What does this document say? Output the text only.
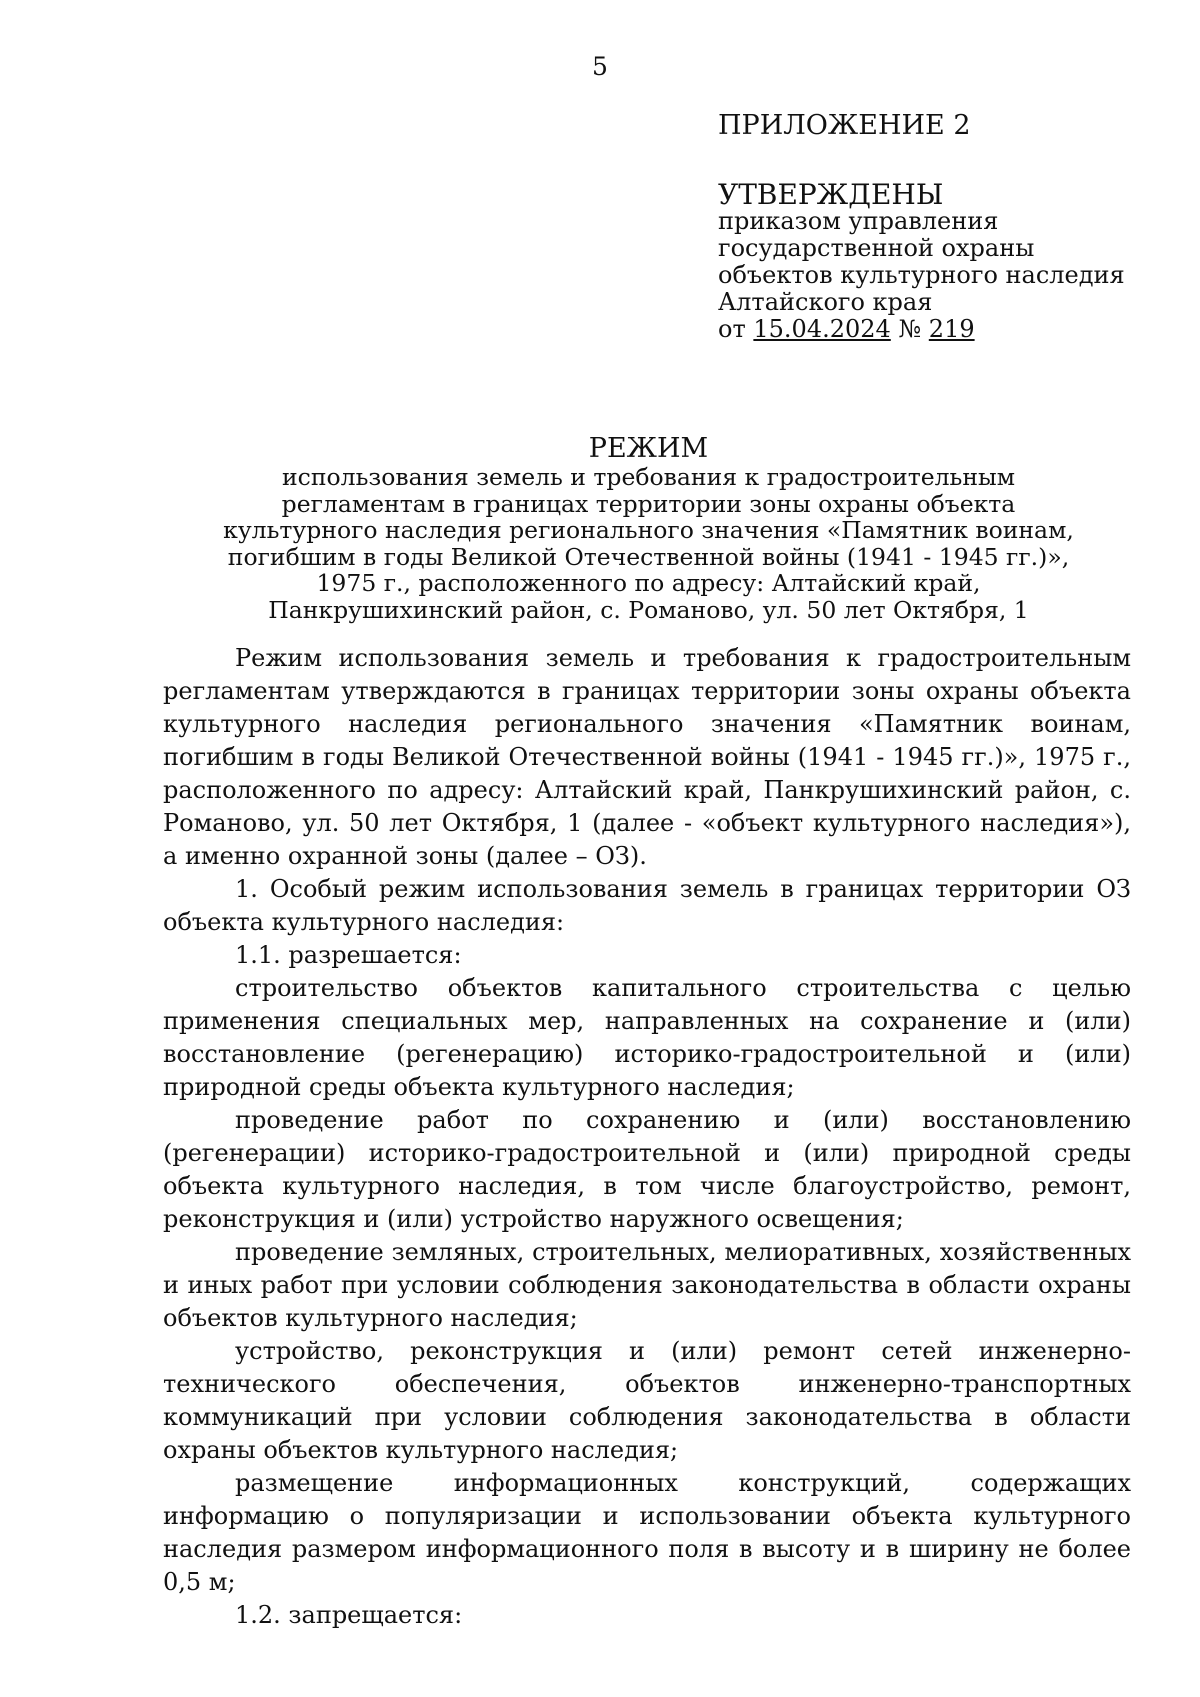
5
ПРИЛОЖЕНИЕ 2
УТВЕРЖДЕНЫ
приказом управления
государственной охраны
объектов культурного наследия
Алтайского края
от 15.04.2024 № 219
РЕЖИМ
использования земель и требования к градостроительным
регламентам в границах территории зоны охраны объекта
культурного наследия регионального значения «Памятник воинам,
погибшим в годы Великой Отечественной войны (1941 - 1945 гг.)»,
1975 г., расположенного по адресу: Алтайский край,
Панкрушихинский район, с. Романово, ул. 50 лет Октября, 1

Режим использования земель и требования к градостроительным регламентам утверждаются в границах территории зоны охраны объекта культурного наследия регионального значения «Памятник воинам, погибшим в годы Великой Отечественной войны (1941 - 1945 гг.)», 1975 г., расположенного по адресу: Алтайский край, Панкрушихинский район, с. Романово, ул. 50 лет Октября, 1 (далее - «объект культурного наследия»), а именно охранной зоны (далее – ОЗ).

1. Особый режим использования земель в границах территории ОЗ объекта культурного наследия:

1.1. разрешается:

строительство объектов капитального строительства с целью применения специальных мер, направленных на сохранение и (или) восстановление (регенерацию) историко-градостроительной и (или) природной среды объекта культурного наследия;

проведение работ по сохранению и (или) восстановлению (регенерации) историко-градостроительной и (или) природной среды объекта культурного наследия, в том числе благоустройство, ремонт, реконструкция и (или) устройство наружного освещения;

проведение земляных, строительных, мелиоративных, хозяйственных и иных работ при условии соблюдения законодательства в области охраны объектов культурного наследия;

устройство, реконструкция и (или) ремонт сетей инженерно-технического обеспечения, объектов инженерно-транспортных коммуникаций при условии соблюдения законодательства в области охраны объектов культурного наследия;

размещение информационных конструкций, содержащих информацию о популяризации и использовании объекта культурного наследия размером информационного поля в высоту и в ширину не более 0,5 м;

1.2. запрещается:
